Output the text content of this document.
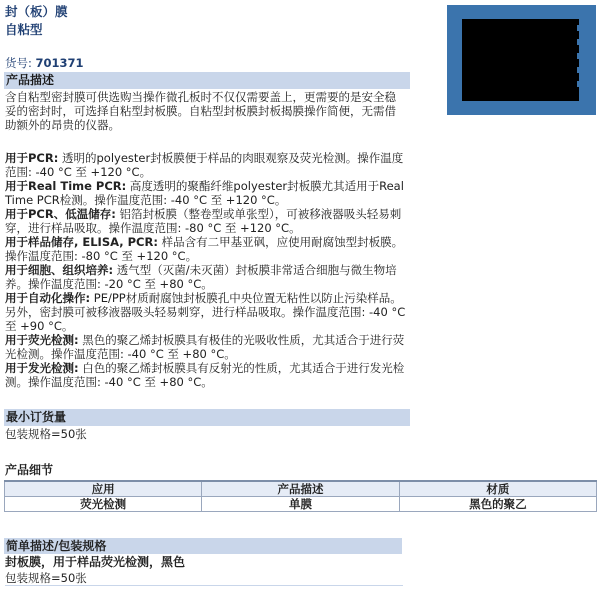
封（板）膜
自粘型
货号: 701371
产品描述
含自粘型密封膜可供选购当操作微孔板时不仅仅需要盖上，更需要的是安全稳妥的密封时，可选择自粘型封板膜。自粘型封板膜封板揭膜操作简便，无需借助额外的昂贵的仪器。
用于PCR: 透明的polyester封板膜便于样品的肉眼观察及荧光检测。操作温度范围: -40 °C 至 +120 °C。
用于Real Time PCR: 高度透明的聚酯纤维polyester封板膜尤其适用于Real Time PCR检测。操作温度范围: -40 °C 至 +120 °C。
用于PCR、低温储存: 铝箔封板膜（整卷型或单张型），可被移液器吸头轻易刺穿，进行样品吸取。操作温度范围: -80 °C 至 +120 °C。
用于样品储存, ELISA, PCR: 样品含有二甲基亚砜，应使用耐腐蚀型封板膜。操作温度范围: -80 °C 至 +120 °C。
用于细胞、组织培养: 透气型（灭菌/未灭菌）封板膜非常适合细胞与微生物培养。操作温度范围: -20 °C 至 +80 °C。
用于自动化操作: PE/PP材质耐腐蚀封板膜孔中央位置无粘性以防止污染样品。另外，密封膜可被移液器吸头轻易刺穿，进行样品吸取。操作温度范围: -40 °C 至 +90 °C。
用于荧光检测: 黑色的聚乙烯封板膜具有极佳的光吸收性质，尤其适合于进行荧光检测。操作温度范围: -40 °C 至 +80 °C。
用于发光检测: 白色的聚乙烯封板膜具有反射光的性质，尤其适合于进行发光检测。操作温度范围: -40 °C 至 +80 °C。
最小订货量
包装规格=50张
产品细节
应用	产品描述	材质
荧光检测	单膜	黑色的聚乙
简单描述/包装规格
封板膜，用于样品荧光检测，黑色
包装规格=50张
